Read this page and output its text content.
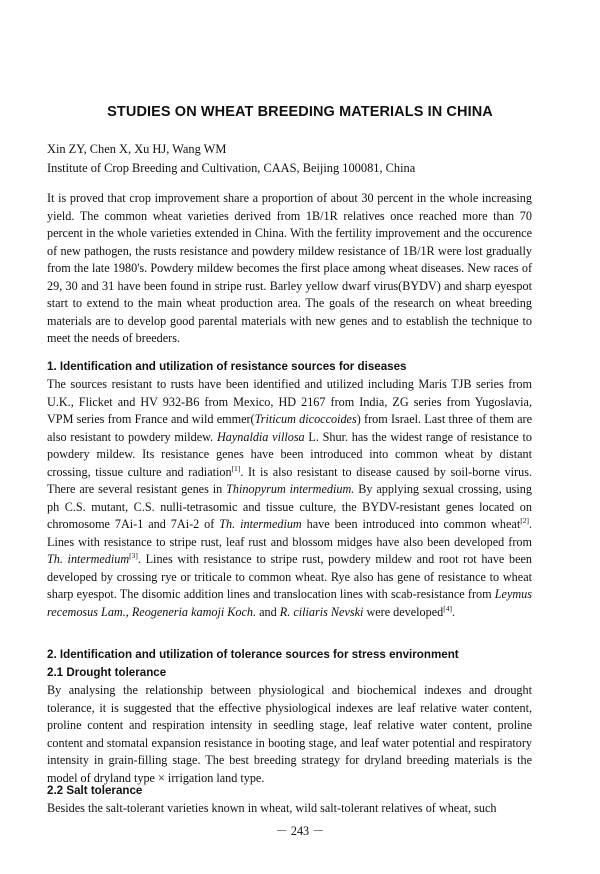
STUDIES ON WHEAT BREEDING MATERIALS IN CHINA
Xin ZY, Chen X, Xu HJ, Wang WM
Institute of Crop Breeding and Cultivation, CAAS, Beijing 100081, China

It is proved that crop improvement share a proportion of about 30 percent in the whole increasing yield. The common wheat varieties derived from 1B/1R relatives once reached more than 70 percent in the whole varieties extended in China. With the fertility improvement and the occurence of new pathogen, the rusts resistance and powdery mildew resistance of 1B/1R were lost gradually from the late 1980's. Powdery mildew becomes the first place among wheat diseases. New races of 29, 30 and 31 have been found in stripe rust. Barley yellow dwarf virus(BYDV) and sharp eyespot start to extend to the main wheat production area. The goals of the research on wheat breeding materials are to develop good parental materials with new genes and to establish the technique to meet the needs of breeders.

1. Identification and utilization of resistance sources for diseases

The sources resistant to rusts have been identified and utilized including Maris TJB series from U.K., Flicket and HV 932-B6 from Mexico, HD 2167 from India, ZG series from Yugoslavia, VPM series from France and wild emmer(Triticum dicoccoides) from Israel. Last three of them are also resistant to powdery mildew. Haynaldia villosa L. Shur. has the widest range of resistance to powdery mildew. Its resistance genes have been introduced into common wheat by distant crossing, tissue culture and radiation[1]. It is also resistant to disease caused by soil-borne virus. There are several resistant genes in Thinopyrum intermedium. By applying sexual crossing, using ph C.S. mutant, C.S. nulli-tetrasomic and tissue culture, the BYDV-resistant genes located on chromosome 7Ai-1 and 7Ai-2 of Th. intermedium have been introduced into common wheat[2]. Lines with resistance to stripe rust, leaf rust and blossom midges have also been developed from Th. intermedium[3]. Lines with resistance to stripe rust, powdery mildew and root rot have been developed by crossing rye or triticale to common wheat. Rye also has gene of resistance to wheat sharp eyespot. The disomic addition lines and translocation lines with scab-resistance from Leymus recemosus Lam., Reogeneria kamoji Koch. and R. ciliaris Nevski were developed[4].

2. Identification and utilization of tolerance sources for stress environment
2.1 Drought tolerance

By analysing the relationship between physiological and biochemical indexes and drought tolerance, it is suggested that the effective physiological indexes are leaf relative water content, proline content and respiration intensity in seedling stage, leaf relative water content, proline content and stomatal expansion resistance in booting stage, and leaf water potential and respiratory intensity in grain-filling stage. The best breeding strategy for dryland breeding materials is the model of dryland type × irrigation land type.

2.2 Salt tolerance

Besides the salt-tolerant varieties known in wheat, wild salt-tolerant relatives of wheat, such

－ 243 －
